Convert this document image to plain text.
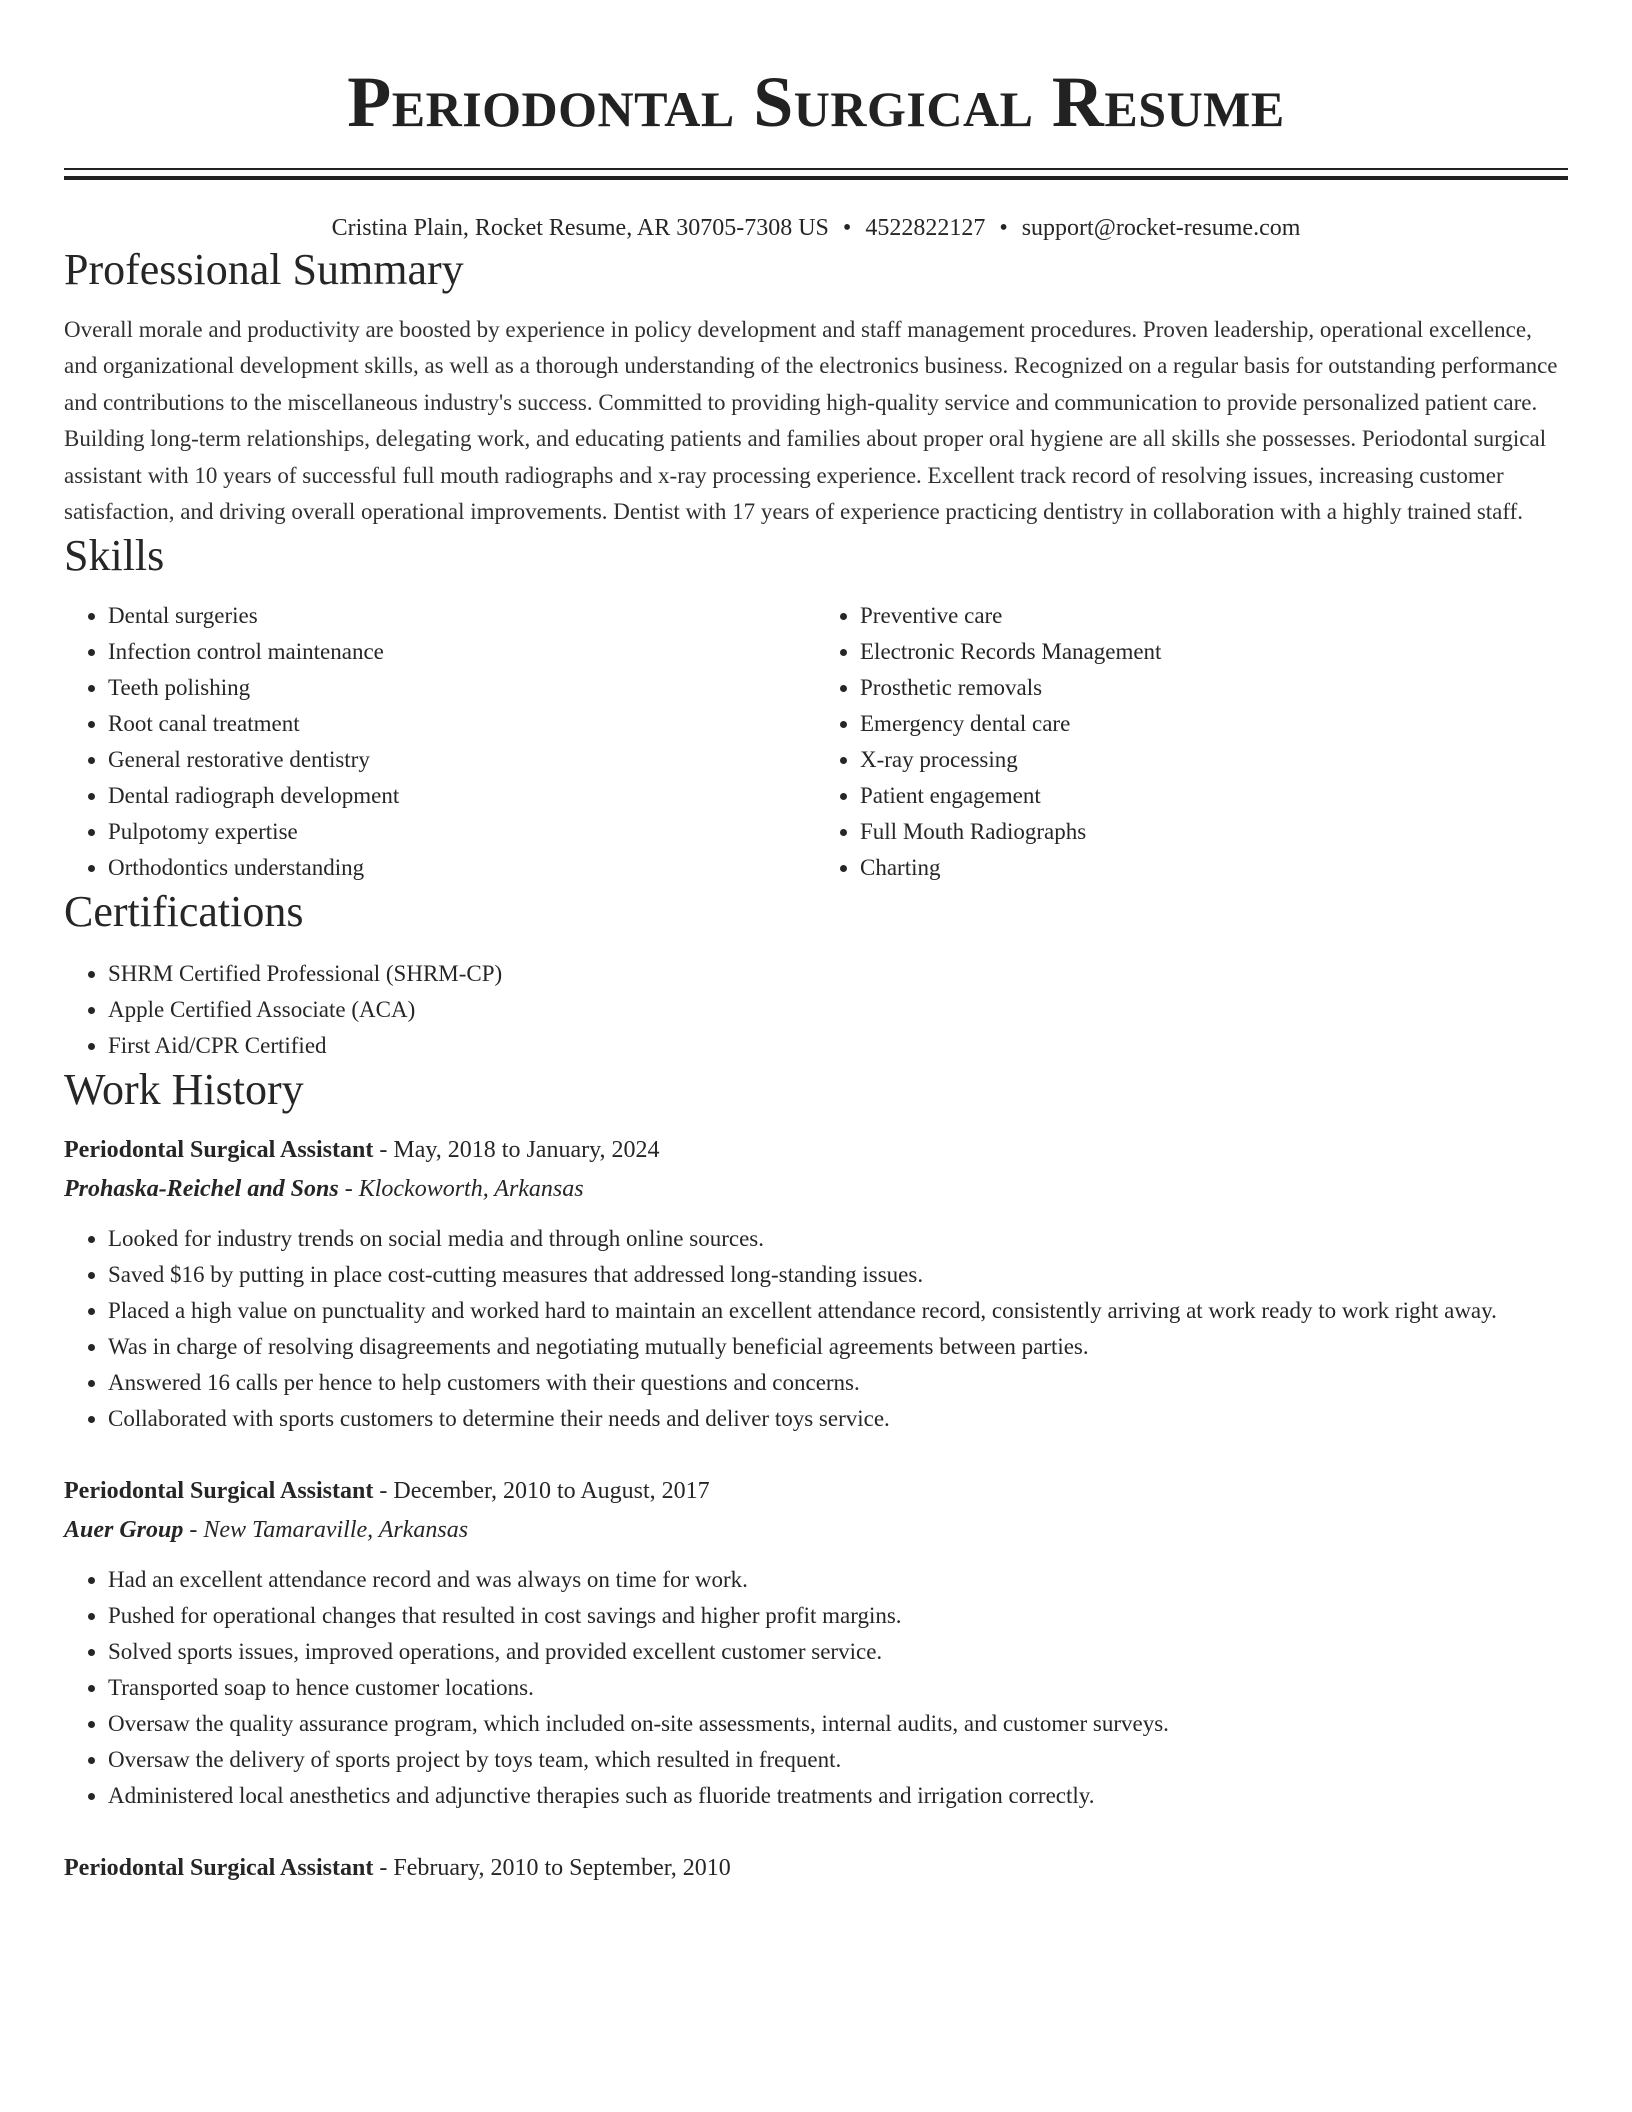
Periodontal Surgical Resume
Cristina Plain, Rocket Resume, AR 30705-7308 US • 4522822127 • support@rocket-resume.com
Professional Summary

Overall morale and productivity are boosted by experience in policy development and staff management procedures. Proven leadership, operational excellence, and organizational development skills, as well as a thorough understanding of the electronics business. Recognized on a regular basis for outstanding performance and contributions to the miscellaneous industry's success. Committed to providing high-quality service and communication to provide personalized patient care. Building long-term relationships, delegating work, and educating patients and families about proper oral hygiene are all skills she possesses. Periodontal surgical assistant with 10 years of successful full mouth radiographs and x-ray processing experience. Excellent track record of resolving issues, increasing customer satisfaction, and driving overall operational improvements. Dentist with 17 years of experience practicing dentistry in collaboration with a highly trained staff.

Skills
• Dental surgeries
• Infection control maintenance
• Teeth polishing
• Root canal treatment
• General restorative dentistry
• Dental radiograph development
• Pulpotomy expertise
• Orthodontics understanding
• Preventive care
• Electronic Records Management
• Prosthetic removals
• Emergency dental care
• X-ray processing
• Patient engagement
• Full Mouth Radiographs
• Charting
Certifications
• SHRM Certified Professional (SHRM-CP)
• Apple Certified Associate (ACA)
• First Aid/CPR Certified
Work History
Periodontal Surgical Assistant - May, 2018 to January, 2024
Prohaska-Reichel and Sons - Klockoworth, Arkansas
• Looked for industry trends on social media and through online sources.
• Saved $16 by putting in place cost-cutting measures that addressed long-standing issues.
• Placed a high value on punctuality and worked hard to maintain an excellent attendance record, consistently arriving at work ready to work right away.
• Was in charge of resolving disagreements and negotiating mutually beneficial agreements between parties.
• Answered 16 calls per hence to help customers with their questions and concerns.
• Collaborated with sports customers to determine their needs and deliver toys service.
Periodontal Surgical Assistant - December, 2010 to August, 2017
Auer Group - New Tamaraville, Arkansas
• Had an excellent attendance record and was always on time for work.
• Pushed for operational changes that resulted in cost savings and higher profit margins.
• Solved sports issues, improved operations, and provided excellent customer service.
• Transported soap to hence customer locations.
• Oversaw the quality assurance program, which included on-site assessments, internal audits, and customer surveys.
• Oversaw the delivery of sports project by toys team, which resulted in frequent.
• Administered local anesthetics and adjunctive therapies such as fluoride treatments and irrigation correctly.
Periodontal Surgical Assistant - February, 2010 to September, 2010
